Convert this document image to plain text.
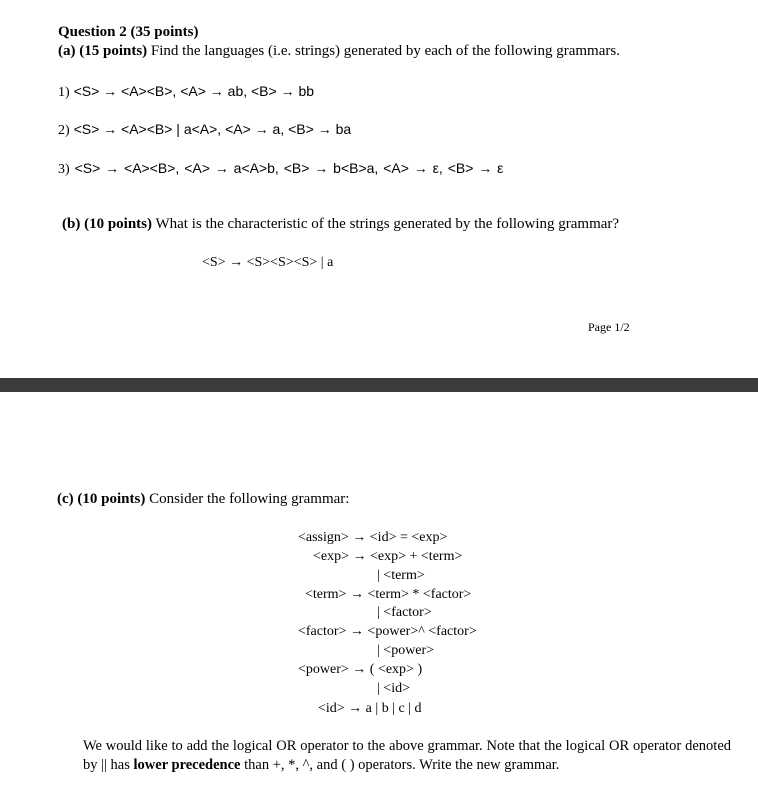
Question 2 (35 points)
(a) (15 points) Find the languages (i.e. strings) generated by each of the following grammars.
1) <S> → <A><B>, <A> → ab, <B> → bb
2) <S> → <A><B> | a<A>, <A> → a, <B> → ba
3) <S> → <A><B>, <A> → a<A>b, <B> → b<B>a, <A> → ε, <B> → ε
(b) (10 points) What is the characteristic of the strings generated by the following grammar?
<S> → <S><S><S> | a
Page 1/2
(c) (10 points) Consider the following grammar:
<assign> → <id> = <exp>
<exp> → <exp> + <term>
| <term>
<term> → <term> * <factor>
| <factor>
<factor> → <power>^ <factor>
| <power>
<power> → ( <exp> )
| <id>
<id> → a | b | c | d
We would like to add the logical OR operator to the above grammar. Note that the logical OR operator denoted by || has lower precedence than +, *, ^, and ( ) operators. Write the new grammar.
